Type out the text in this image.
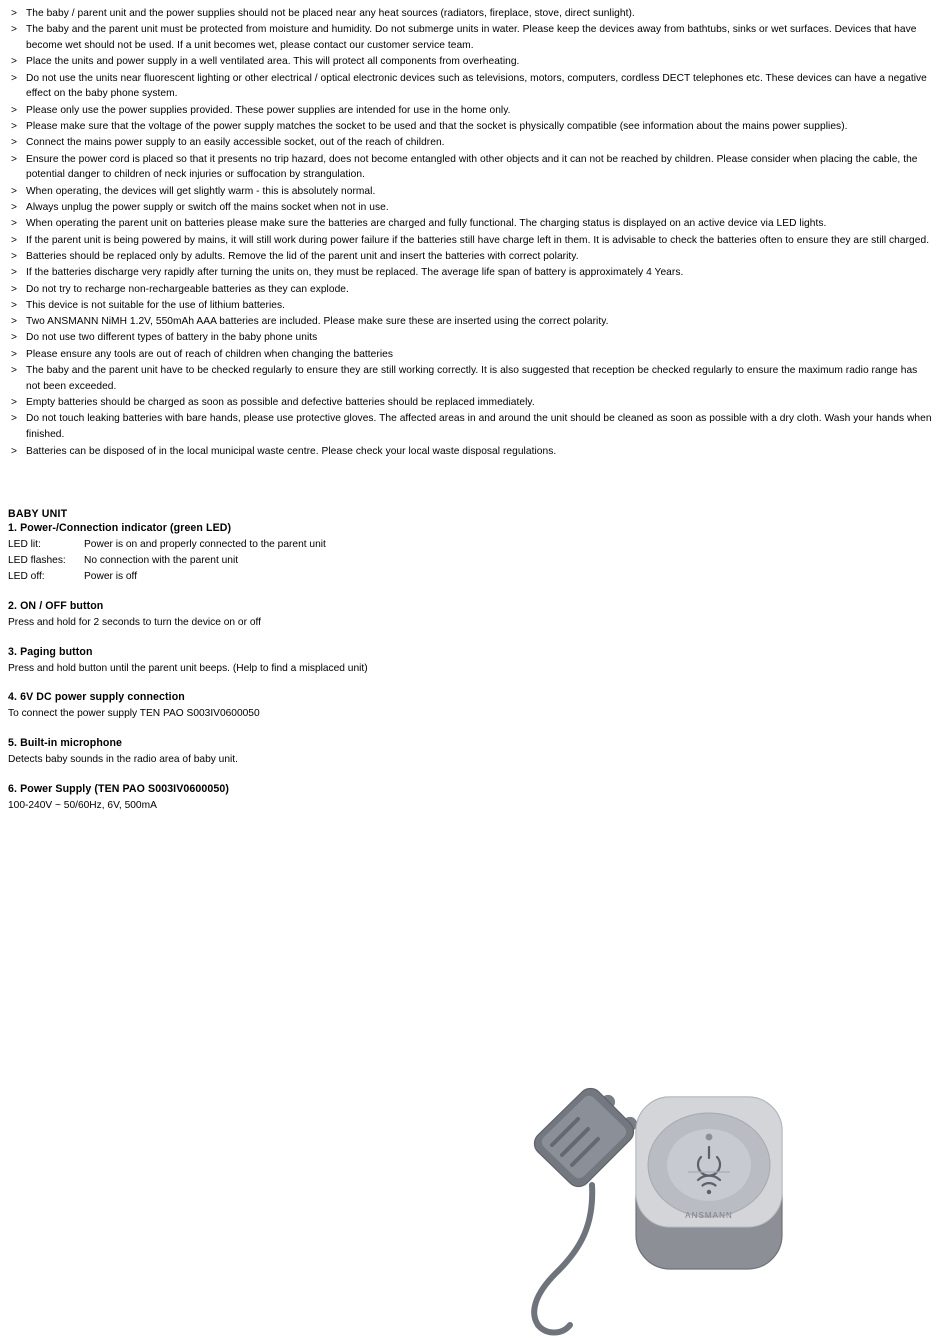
> The baby / parent unit and the power supplies should not be placed near any heat sources (radiators, fireplace, stove, direct sunlight).
> The baby and the parent unit must be protected from moisture and humidity. Do not submerge units in water. Please keep the devices away from bathtubs, sinks or wet surfaces. Devices that have become wet should not be used. If a unit becomes wet, please contact our customer service team.
> Place the units and power supply in a well ventilated area. This will protect all components from overheating.
> Do not use the units near fluorescent lighting or other electrical / optical electronic devices such as televisions, motors, computers, cordless DECT telephones etc. These devices can have a negative effect on the baby phone system.
> Please only use the power supplies provided. These power supplies are intended for use in the home only.
> Please make sure that the voltage of the power supply matches the socket to be used and that the socket is physically compatible (see information about the mains power supplies).
> Connect the mains power supply to an easily accessible socket, out of the reach of children.
> Ensure the power cord is placed so that it presents no trip hazard, does not become entangled with other objects and it can not be reached by children. Please consider when placing the cable, the potential danger to children of neck injuries or suffocation by strangulation.
> When operating, the devices will get slightly warm - this is absolutely normal.
> Always unplug the power supply or switch off the mains socket when not in use.
> When operating the parent unit on batteries please make sure the batteries are charged and fully functional. The charging status is displayed on an active device via LED lights.
> If the parent unit is being powered by mains, it will still work during power failure if the batteries still have charge left in them. It is advisable to check the batteries often to ensure they are still charged.
> Batteries should be replaced only by adults. Remove the lid of the parent unit and insert the batteries with correct polarity.
> If the batteries discharge very rapidly after turning the units on, they must be replaced. The average life span of battery is approximately 4 Years.
> Do not try to recharge non-rechargeable batteries as they can explode.
> This device is not suitable for the use of lithium batteries.
> Two ANSMANN NiMH 1.2V, 550mAh AAA batteries are included. Please make sure these are inserted using the correct polarity.
> Do not use two different types of battery in the baby phone units
> Please ensure any tools are out of reach of children when changing the batteries
> The baby and the parent unit have to be checked regularly to ensure they are still working correctly. It is also suggested that reception be checked regularly to ensure the maximum radio range has not been exceeded.
> Empty batteries should be charged as soon as possible and defective batteries should be replaced immediately.
> Do not touch leaking batteries with bare hands, please use protective gloves. The affected areas in and around the unit should be cleaned as soon as possible with a dry cloth. Wash your hands when finished.
> Batteries can be disposed of in the local municipal waste centre. Please check your local waste disposal regulations.
BABY UNIT
1. Power-/Connection indicator (green LED)
LED lit:	Power is on and properly connected to the parent unit
LED flashes:	No connection with the parent unit
LED off:	Power is off
2. ON / OFF button

Press and hold for 2 seconds to turn the device on or off

3. Paging button

Press and hold button until the parent unit beeps. (Help to find a misplaced unit)

4. 6V DC power supply connection

To connect the power supply TEN PAO S003IV0600050

5. Built-in microphone

Detects baby sounds in the radio area of baby unit.

6. Power Supply (TEN PAO S003IV0600050)

100-240V ~ 50/60Hz, 6V, 500mA

ANSMANN
